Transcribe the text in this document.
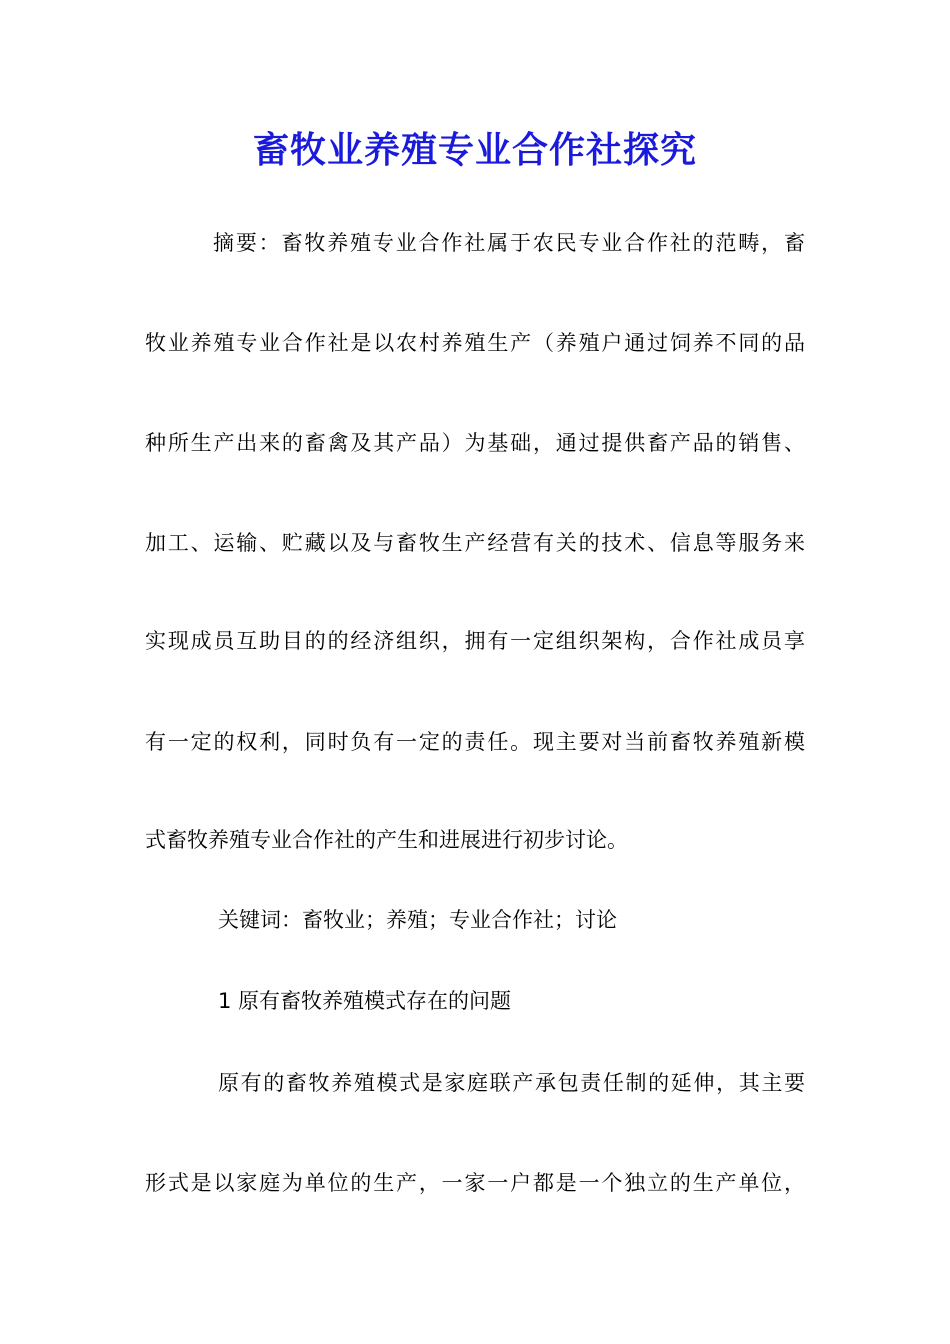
畜牧业养殖专业合作社探究

摘要：畜牧养殖专业合作社属于农民专业合作社的范畴，畜

牧业养殖专业合作社是以农村养殖生产（养殖户通过饲养不同的品

种所生产出来的畜禽及其产品）为基础，通过提供畜产品的销售、

加工、运输、贮藏以及与畜牧生产经营有关的技术、信息等服务来

实现成员互助目的的经济组织，拥有一定组织架构，合作社成员享

有一定的权利，同时负有一定的责任。现主要对当前畜牧养殖新模

式畜牧养殖专业合作社的产生和进展进行初步讨论。

关键词：畜牧业；养殖；专业合作社；讨论

1 原有畜牧养殖模式存在的问题

原有的畜牧养殖模式是家庭联产承包责任制的延伸，其主要

形式是以家庭为单位的生产，一家一户都是一个独立的生产单位，
